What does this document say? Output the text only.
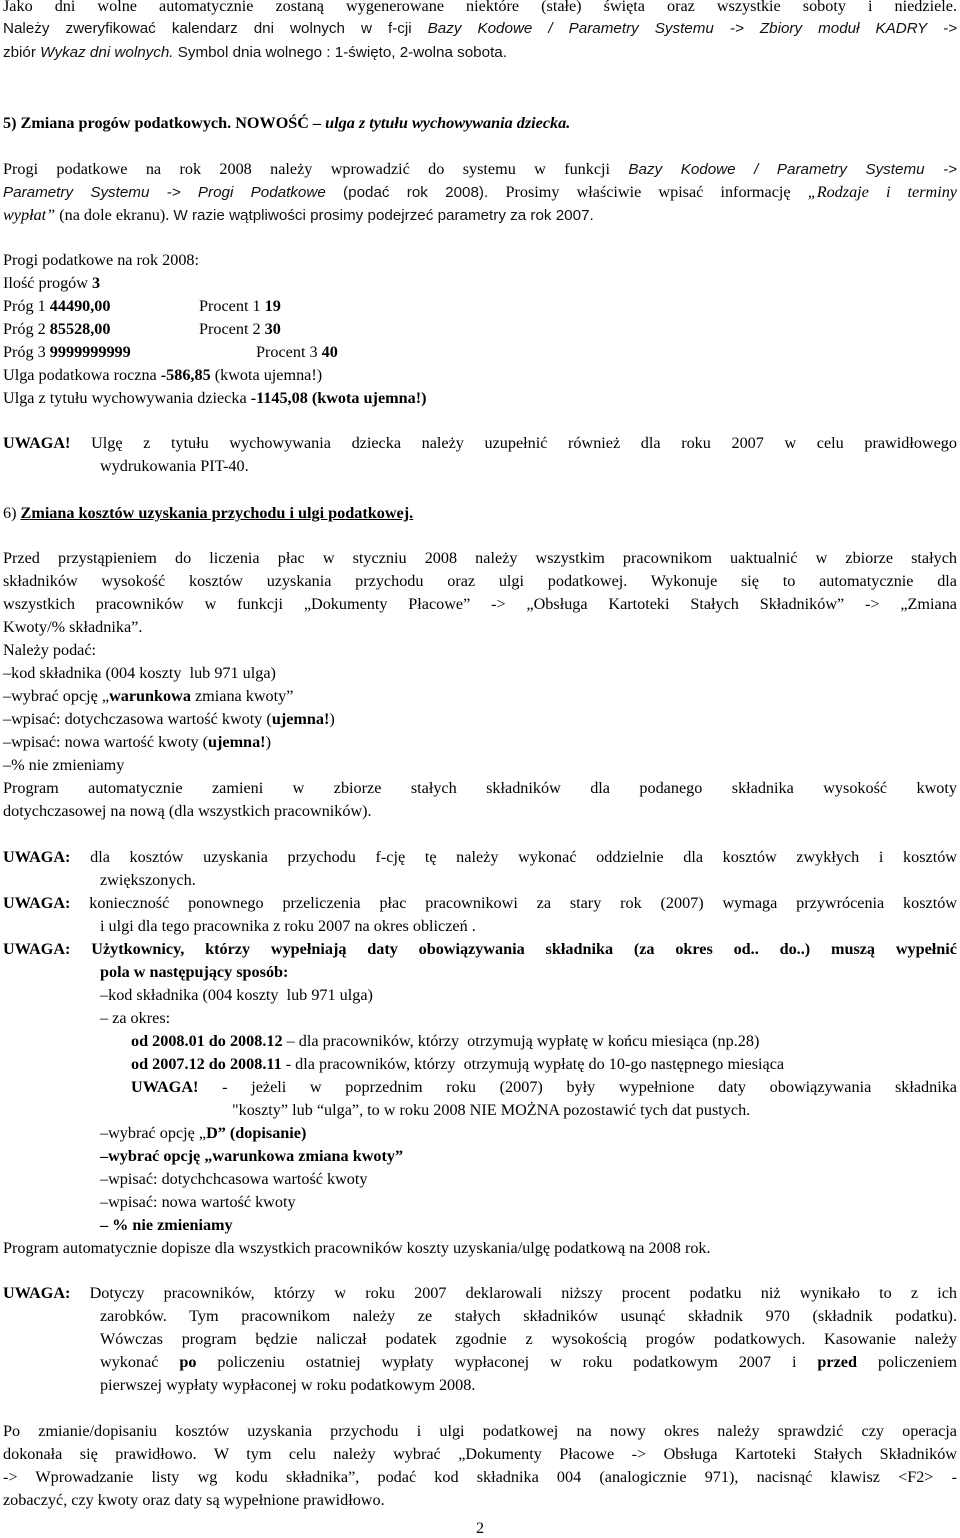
Jako dni wolne automatycznie zostaną wygenerowane niektóre (stałe) święta oraz wszystkie soboty i niedziele.
Należy zweryfikować kalendarz dni wolnych w f-cji Bazy Kodowe / Parametry Systemu -> Zbiory moduł KADRY ->
zbiór Wykaz dni wolnych. Symbol dnia wolnego : 1-święto, 2-wolna sobota.
5) Zmiana progów podatkowych. NOWOŚĆ – ulga z tytułu wychowywania dziecka.
Progi podatkowe na rok 2008 należy wprowadzić do systemu w funkcji Bazy Kodowe / Parametry Systemu ->
Parametry Systemu -> Progi Podatkowe (podać rok 2008). Prosimy właściwie wpisać informację „Rodzaje i terminy
wypłat” (na dole ekranu). W razie wątpliwości prosimy podejrzeć parametry za rok 2007.
Progi podatkowe na rok 2008:
Ilość progów 3
Próg 1 44490,00	Procent 1 19
Próg 2 85528,00	Procent 2 30
Próg 3 9999999999	Procent 3 40
Ulga podatkowa roczna -586,85 (kwota ujemna!)
Ulga z tytułu wychowywania dziecka -1145,08 (kwota ujemna!)
UWAGA! Ulgę z tytułu wychowywania dziecka należy uzupełnić również dla roku 2007 w celu prawidłowego
wydrukowania PIT-40.
6) Zmiana kosztów uzyskania przychodu i ulgi podatkowej.
Przed przystąpieniem do liczenia płac w styczniu 2008 należy wszystkim pracownikom uaktualnić w zbiorze stałych
składników wysokość kosztów uzyskania przychodu oraz ulgi podatkowej. Wykonuje się to automatycznie dla
wszystkich pracowników w funkcji „Dokumenty Płacowe” -> „Obsługa Kartoteki Stałych Składników” -> „Zmiana
Kwoty/% składnika”.
Należy podać:
–kod składnika (004 koszty  lub 971 ulga)
–wybrać opcję „warunkowa zmiana kwoty”
–wpisać: dotychczasowa wartość kwoty (ujemna!)
–wpisać: nowa wartość kwoty (ujemna!)
–% nie zmieniamy
Program automatycznie zamieni w zbiorze stałych składników dla podanego składnika wysokość kwoty
dotychczasowej na nową (dla wszystkich pracowników).
UWAGA: dla kosztów uzyskania przychodu f-cję tę należy wykonać oddzielnie dla kosztów zwykłych i kosztów
zwiększonych.
UWAGA: konieczność ponownego przeliczenia płac pracownikowi za stary rok (2007) wymaga przywrócenia kosztów
i ulgi dla tego pracownika z roku 2007 na okres obliczeń .
UWAGA: Użytkownicy, którzy wypełniają daty obowiązywania składnika (za okres od.. do..) muszą wypełnić
pola w następujący sposób:
–kod składnika (004 koszty  lub 971 ulga)
– za okres:
od 2008.01 do 2008.12 – dla pracowników, którzy  otrzymują wypłatę w końcu miesiąca (np.28)
od 2007.12 do 2008.11 - dla pracowników, którzy  otrzymują wypłatę do 10-go następnego miesiąca
UWAGA! - jeżeli w poprzednim roku (2007) były wypełnione daty obowiązywania składnika
"koszty” lub “ulga”, to w roku 2008 NIE MOŻNA pozostawić tych dat pustych.
–wybrać opcję „D” (dopisanie)
–wybrać opcję „warunkowa zmiana kwoty”
–wpisać: dotychchcasowa wartość kwoty
–wpisać: nowa wartość kwoty
– % nie zmieniamy
Program automatycznie dopisze dla wszystkich pracowników koszty uzyskania/ulgę podatkową na 2008 rok.
UWAGA: Dotyczy pracowników, którzy w roku 2007 deklarowali niższy procent podatku niż wynikało to z ich
zarobków. Tym pracownikom należy ze stałych składników usunąć składnik 970 (składnik podatku).
Wówczas program będzie naliczał podatek zgodnie z wysokością progów podatkowych. Kasowanie należy
wykonać po policzeniu ostatniej wypłaty wypłaconej w roku podatkowym 2007 i przed policzeniem
pierwszej wypłaty wypłaconej w roku podatkowym 2008.
Po zmianie/dopisaniu kosztów uzyskania przychodu i ulgi podatkowej na nowy okres należy sprawdzić czy operacja
dokonała się prawidłowo. W tym celu należy wybrać „Dokumenty Płacowe -> Obsługa Kartoteki Stałych Składników
-> Wprowadzanie listy wg kodu składnika”, podać kod składnika 004 (analogicznie 971), nacisnąć klawisz <F2> -
zobaczyć, czy kwoty oraz daty są wypełnione prawidłowo.
2
